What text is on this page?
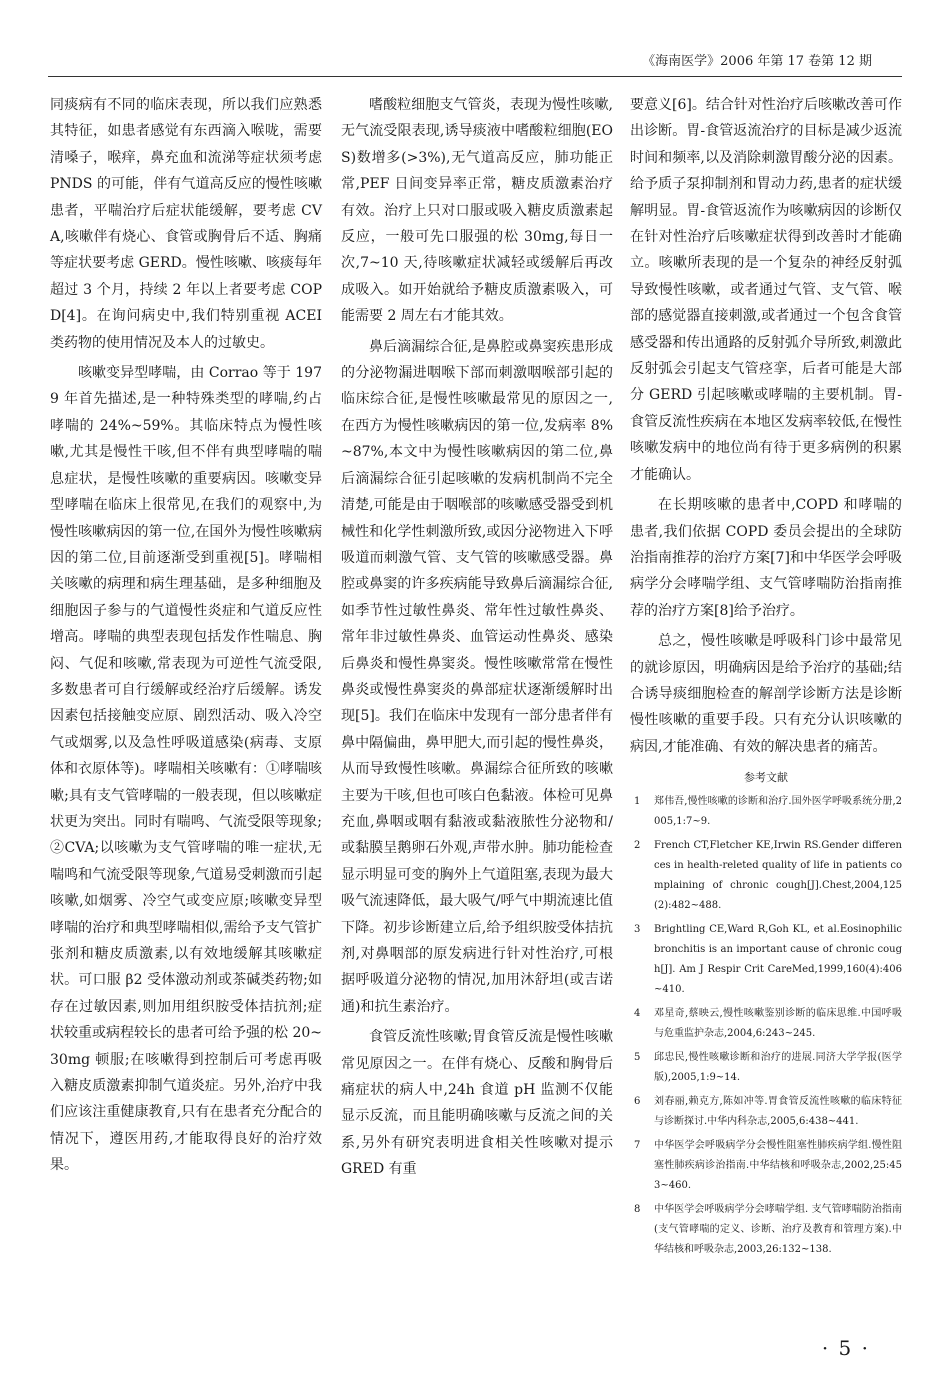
《海南医学》2006 年第 17 卷第 12 期

同痰病有不同的临床表现，所以我们应熟悉其特征，如患者感觉有东西滴入喉咙，需要清嗓子，喉痒，鼻充血和流涕等症状须考虑 PNDS 的可能，伴有气道高反应的慢性咳嗽患者，平喘治疗后症状能缓解，要考虑 CVA,咳嗽伴有烧心、食管或胸骨后不适、胸痛等症状要考虑 GERD。慢性咳嗽、咳痰每年超过 3 个月，持续 2 年以上者要考虑 COPD[4]。在询问病史中,我们特别重视 ACEI 类药物的使用情况及本人的过敏史。

咳嗽变异型哮喘，由 Corrao 等于 1979 年首先描述,是一种特殊类型的哮喘,约占哮喘的 24%~59%。其临床特点为慢性咳嗽,尤其是慢性干咳,但不伴有典型哮喘的喘息症状，是慢性咳嗽的重要病因。咳嗽变异型哮喘在临床上很常见,在我们的观察中,为慢性咳嗽病因的第一位,在国外为慢性咳嗽病因的第二位,目前逐渐受到重视[5]。哮喘相关咳嗽的病理和病生理基础，是多种细胞及细胞因子参与的气道慢性炎症和气道反应性增高。哮喘的典型表现包括发作性喘息、胸闷、气促和咳嗽,常表现为可逆性气流受限,多数患者可自行缓解或经治疗后缓解。诱发因素包括接触变应原、剧烈活动、吸入冷空气或烟雾,以及急性呼吸道感染(病毒、支原体和衣原体等)。哮喘相关咳嗽有：①哮喘咳嗽;具有支气管哮喘的一般表现，但以咳嗽症状更为突出。同时有喘鸣、气流受限等现象;②CVA;以咳嗽为支气管哮喘的唯一症状,无喘鸣和气流受限等现象,气道易受刺激而引起咳嗽,如烟雾、冷空气或变应原;咳嗽变异型哮喘的治疗和典型哮喘相似,需给予支气管扩张剂和糖皮质激素,以有效地缓解其咳嗽症状。可口服 β2 受体激动剂或茶碱类药物;如存在过敏因素,则加用组织胺受体拮抗剂;症状较重或病程较长的患者可给予强的松 20~30mg 顿服;在咳嗽得到控制后可考虑再吸入糖皮质激素抑制气道炎症。另外,治疗中我们应该注重健康教育,只有在患者充分配合的情况下，遵医用药,才能取得良好的治疗效果。

嗜酸粒细胞支气管炎，表现为慢性咳嗽,无气流受限表现,诱导痰液中嗜酸粒细胞(EOS)数增多(>3%),无气道高反应，肺功能正常,PEF 日间变异率正常，糖皮质激素治疗有效。治疗上只对口服或吸入糖皮质激素起反应，一般可先口服强的松 30mg,每日一次,7~10 天,待咳嗽症状减轻或缓解后再改成吸入。如开始就给予糖皮质激素吸入，可能需要 2 周左右才能其效。

鼻后滴漏综合征,是鼻腔或鼻窦疾患形成的分泌物漏进咽喉下部而刺激咽喉部引起的临床综合征,是慢性咳嗽最常见的原因之一,在西方为慢性咳嗽病因的第一位,发病率 8%~87%,本文中为慢性咳嗽病因的第二位,鼻后滴漏综合征引起咳嗽的发病机制尚不完全清楚,可能是由于咽喉部的咳嗽感受器受到机械性和化学性刺激所致,或因分泌物进入下呼吸道而刺激气管、支气管的咳嗽感受器。鼻腔或鼻窦的许多疾病能导致鼻后滴漏综合征,如季节性过敏性鼻炎、常年性过敏性鼻炎、常年非过敏性鼻炎、血管运动性鼻炎、感染后鼻炎和慢性鼻窦炎。慢性咳嗽常常在慢性鼻炎或慢性鼻窦炎的鼻部症状逐渐缓解时出现[5]。我们在临床中发现有一部分患者伴有鼻中隔偏曲，鼻甲肥大,而引起的慢性鼻炎，从而导致慢性咳嗽。鼻漏综合征所致的咳嗽主要为干咳,但也可咳白色黏液。体检可见鼻充血,鼻咽或咽有黏液或黏液脓性分泌物和/或黏膜呈鹅卵石外观,声带水肿。肺功能检查显示明显可变的胸外上气道阻塞,表现为最大吸气流速降低，最大吸气/呼气中期流速比值下降。初步诊断建立后,给予组织胺受体拮抗剂,对鼻咽部的原发病进行针对性治疗,可根据呼吸道分泌物的情况,加用沐舒坦(或吉诺通)和抗生素治疗。

食管反流性咳嗽;胃食管反流是慢性咳嗽常见原因之一。在伴有烧心、反酸和胸骨后痛症状的病人中,24h 食道 pH 监测不仅能显示反流，而且能明确咳嗽与反流之间的关系,另外有研究表明进食相关性咳嗽对提示 GRED 有重

要意义[6]。结合针对性治疗后咳嗽改善可作出诊断。胃-食管返流治疗的目标是减少返流时间和频率,以及消除刺激胃酸分泌的因素。给予质子泵抑制剂和胃动力药,患者的症状缓解明显。胃-食管返流作为咳嗽病因的诊断仅在针对性治疗后咳嗽症状得到改善时才能确立。咳嗽所表现的是一个复杂的神经反射弧导致慢性咳嗽，或者通过气管、支气管、喉部的感觉器直接刺激,或者通过一个包含食管感受器和传出通路的反射弧介导所致,刺激此反射弧会引起支气管痉挛，后者可能是大部分 GERD 引起咳嗽或哮喘的主要机制。胃-食管反流性疾病在本地区发病率较低,在慢性咳嗽发病中的地位尚有待于更多病例的积累才能确认。

在长期咳嗽的患者中,COPD 和哮喘的患者,我们依据 COPD 委员会提出的全球防治指南推荐的治疗方案[7]和中华医学会呼吸病学分会哮喘学组、支气管哮喘防治指南推荐的治疗方案[8]给予治疗。

总之，慢性咳嗽是呼吸科门诊中最常见的就诊原因，明确病因是给予治疗的基础;结合诱导痰细胞检查的解剖学诊断方法是诊断慢性咳嗽的重要手段。只有充分认识咳嗽的病因,才能准确、有效的解决患者的痛苦。

参考文献
1	郑伟吾,慢性咳嗽的诊断和治疗.国外医学呼吸系统分册,2005,1:7~9.
2	French CT,Fletcher KE,Irwin RS.Gender differences in health-releted quality of life in patients complaining of chronic cough[J].Chest,2004,125(2):482~488.
3	Brightling CE,Ward R,Goh KL, et al.Eosinophilic bronchitis is an important cause of chronic cough[J]. Am J Respir Crit CareMed,1999,160(4):406~410.
4	邓星奇,蔡映云,慢性咳嗽鉴别诊断的临床思维.中国呼吸与危重监护杂志,2004,6:243~245.
5	邱忠民,慢性咳嗽诊断和治疗的进展.同济大学学报(医学版),2005,1:9~14.
6	刘春丽,赖克方,陈如冲等.胃食管反流性咳嗽的临床特征与诊断探讨.中华内科杂志,2005,6:438~441.
7	中华医学会呼吸病学分会慢性阻塞性肺疾病学组.慢性阻塞性肺疾病诊治指南.中华结核和呼吸杂志,2002,25:453~460.
8	中华医学会呼吸病学分会哮喘学组. 支气管哮喘防治指南(支气管哮喘的定义、诊断、治疗及教育和管理方案).中华结核和呼吸杂志,2003,26:132~138.
· 5 ·
